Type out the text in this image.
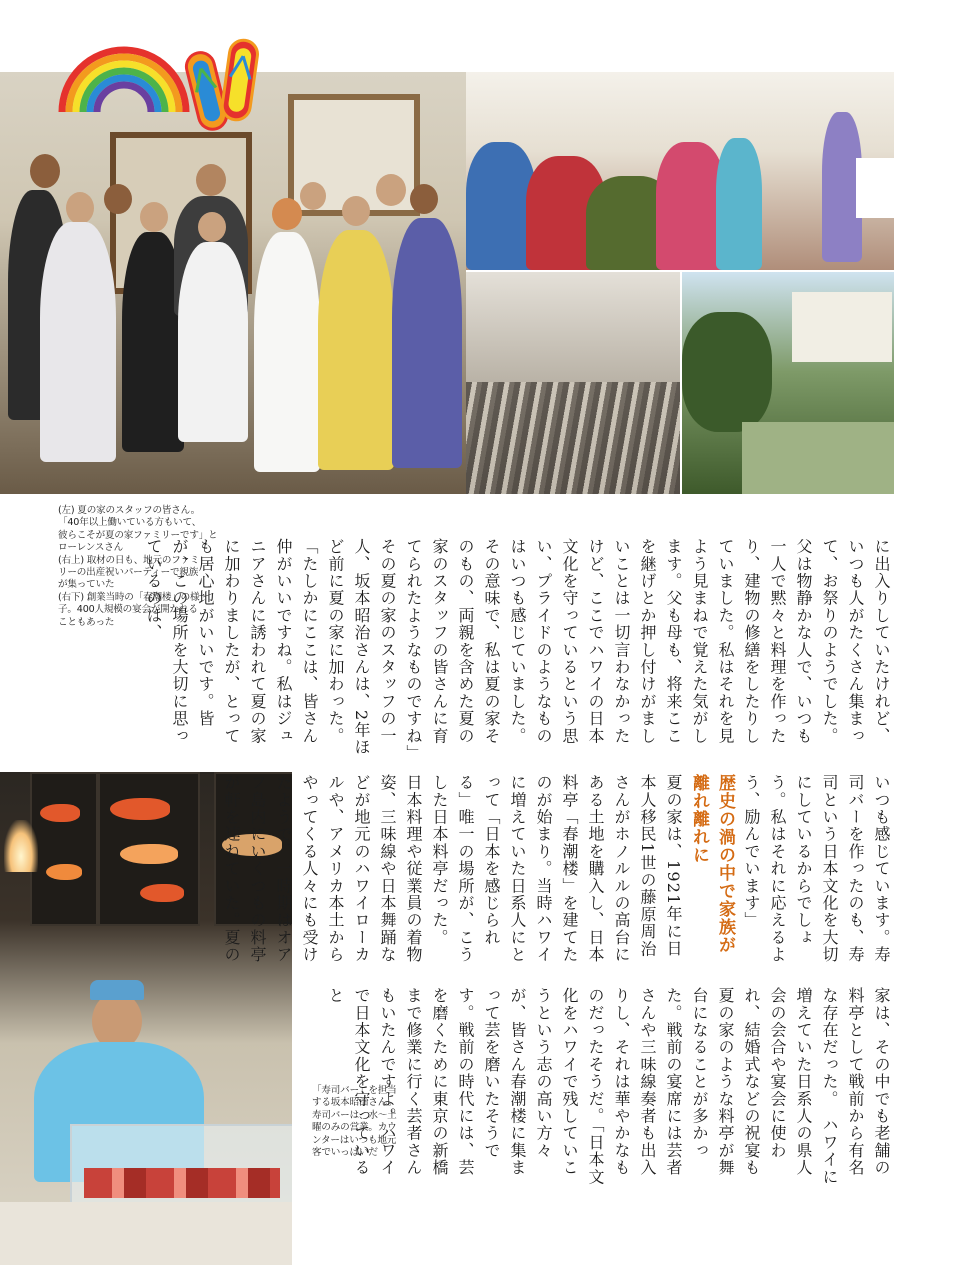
(左) 夏の家のスタッフの皆さん。
「40年以上働いている方もいて、
彼らこそが夏の家ファミリーです」と
ローレンスさん
(右上) 取材の日も、地元のファミ
リーの出産祝いパーティーで親族
が集っていた
(右下) 創業当時の「春潮楼」の様
子。400人規模の宴会が開かれる
こともあった
「寿司バー」を担当
する坂本昭治さん。
寿司バーは、水〜土
曜のみの営業。カウ
ンターはいつも地元
客でいっぱいだ

に出入りしていたけれど、いつも人がたくさん集まって、お祭りのようでした。父は物静かな人で、いつも一人で黙々と料理を作ったり、建物の修繕をしたりしていました。私はそれを見よう見まねで覚えた気がします。父も母も、将来ここを継げとか押し付けがましいことは一切言わなかったけど、ここでハワイの日本文化を守っているという思い、プライドのようなものはいつも感じていました。その意味で、私は夏の家そのもの、両親を含めた夏の家のスタッフの皆さんに育てられたようなものですね」　その夏の家のスタッフの一人、坂本昭治さんは、2年ほど前に夏の家に加わった。「たしかにここは、皆さん仲がいいですね。私はジュニアさんに誘われて夏の家に加わりましたが、とっても居心地がいいです。皆が、この場所を大切に思っているのは、

いつも感じています。寿司バーを作ったのも、寿司という日本文化を大切にしているからでしょう。私はそれに応えるよう、励んでいます」

歴史の渦の中で家族が離れ離れに

夏の家は、1921年に日本人移民1世の藤原周治さんがホノルルの高台にある土地を購入し、日本料亭「春潮楼」を建てたのが始まり。当時ハワイに増えていた日系人にとって「日本を感じられる」唯一の場所が、こうした日本料亭だった。　日本料理や従業員の着物姿、三味線や日本舞踊などが地元のハワイローカルや、アメリカ本土からやってくる人々にも受けたようで、一時期はオアフ島内にいくつもの料亭が軒を連ねていた。夏の

家は、その中でも老舗の料亭として戦前から有名な存在だった。　ハワイに増えていた日系人の県人会の会合や宴会に使われ、結婚式などの祝宴も夏の家のような料亭が舞台になることが多かった。戦前の宴席には芸者さんや三味線奏者も出入りし、それは華やかなものだったそうだ。「日本文化をハワイで残していこうという志の高い方々が、皆さん春潮楼に集まって芸を磨いたそうです。戦前の時代には、芸を磨くために東京の新橋まで修業に行く芸者さんもいたんですよ。ハワイで日本文化を守っていると
